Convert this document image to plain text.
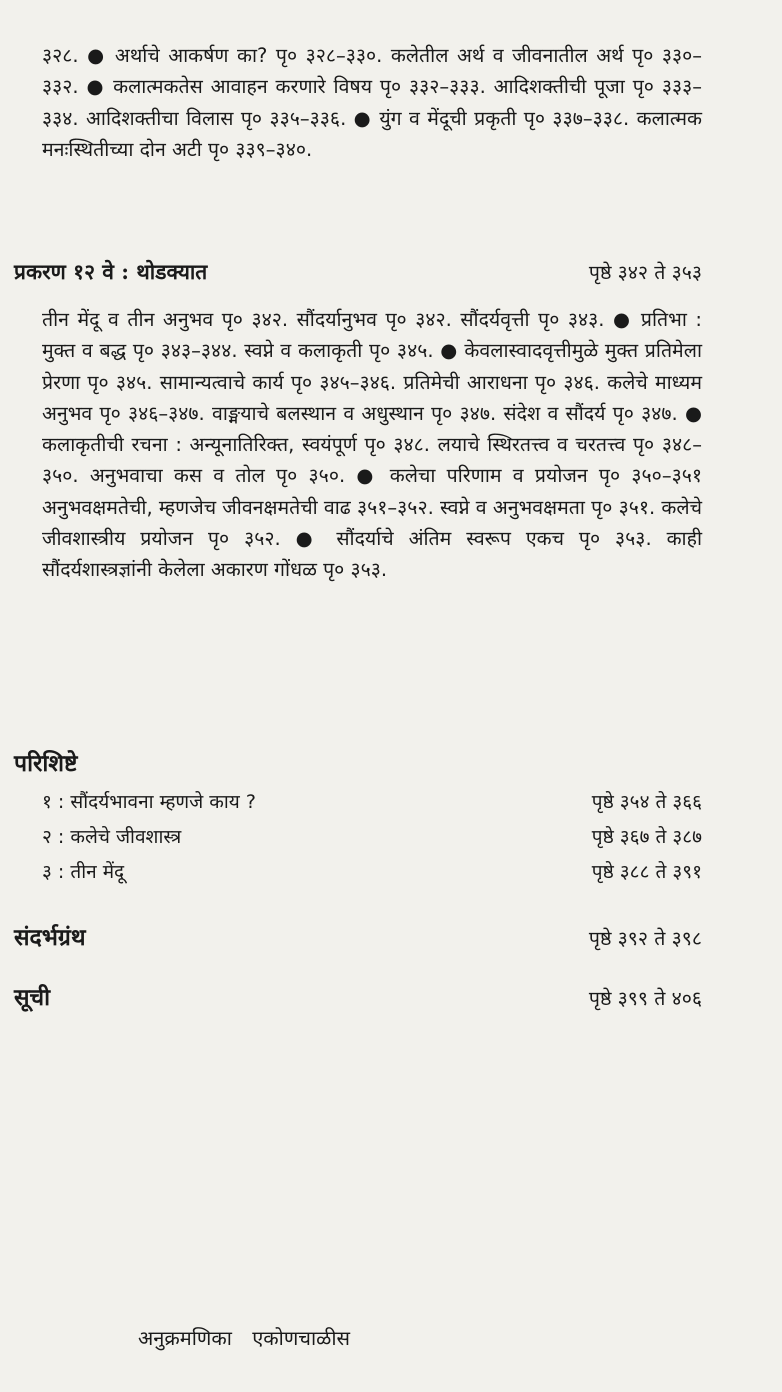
३२८. ● अर्थाचे आकर्षण का? पृ० ३२८–३३०. कलेतील अर्थ व जीवनातील अर्थ पृ० ३३०–३३२. ● कलात्मकतेस आवाहन करणारे विषय पृ० ३३२–३३३. आदिशक्तीची पूजा पृ० ३३३–३३४. आदिशक्तीचा विलास पृ० ३३५–३३६. ● युंग व मेंदूची प्रकृती पृ० ३३७–३३८. कलात्मक मनःस्थितीच्या दोन अटी पृ० ३३९–३४०.

प्रकरण १२ वे : थोडक्यात	पृष्ठे ३४२ ते ३५३

तीन मेंदू व तीन अनुभव पृ० ३४२. सौंदर्यानुभव पृ० ३४२. सौंदर्यवृत्ती पृ० ३४३. ● प्रतिभा : मुक्त व बद्ध पृ० ३४३–३४४. स्वप्ने व कलाकृती पृ० ३४५. ● केवलास्वादवृत्तीमुळे मुक्त प्रतिमेला प्रेरणा पृ० ३४५. सामान्यत्वाचे कार्य पृ० ३४५–३४६. प्रतिमेची आराधना पृ० ३४६. कलेचे माध्यम अनुभव पृ० ३४६–३४७. वाङ्मयाचे बलस्थान व अधुस्थान पृ० ३४७. संदेश व सौंदर्य पृ० ३४७. ● कलाकृतीची रचना : अन्यूनातिरिक्त, स्वयंपूर्ण पृ० ३४८. लयाचे स्थिरतत्त्व व चरतत्त्व पृ० ३४८–३५०. अनुभवाचा कस व तोल पृ० ३५०. ● कलेचा परिणाम व प्रयोजन पृ० ३५०–३५१ अनुभवक्षमतेची, म्हणजेच जीवनक्षमतेची वाढ ३५१–३५२. स्वप्ने व अनुभवक्षमता पृ० ३५१. कलेचे जीवशास्त्रीय प्रयोजन पृ० ३५२. ● सौंदर्याचे अंतिम स्वरूप एकच पृ० ३५३. काही सौंदर्यशास्त्रज्ञांनी केलेला अकारण गोंधळ पृ० ३५३.

परिशिष्टे
१ : सौंदर्यभावना म्हणजे काय ?	पृष्ठे ३५४ ते ३६६
२ : कलेचे जीवशास्त्र	पृष्ठे ३६७ ते ३८७
३ : तीन मेंदू	पृष्ठे ३८८ ते ३९१
संदर्भग्रंथ	पृष्ठे ३९२ ते ३९८
सूची	पृष्ठे ३९९ ते ४०६
अनुक्रमणिका एकोणचाळीस
